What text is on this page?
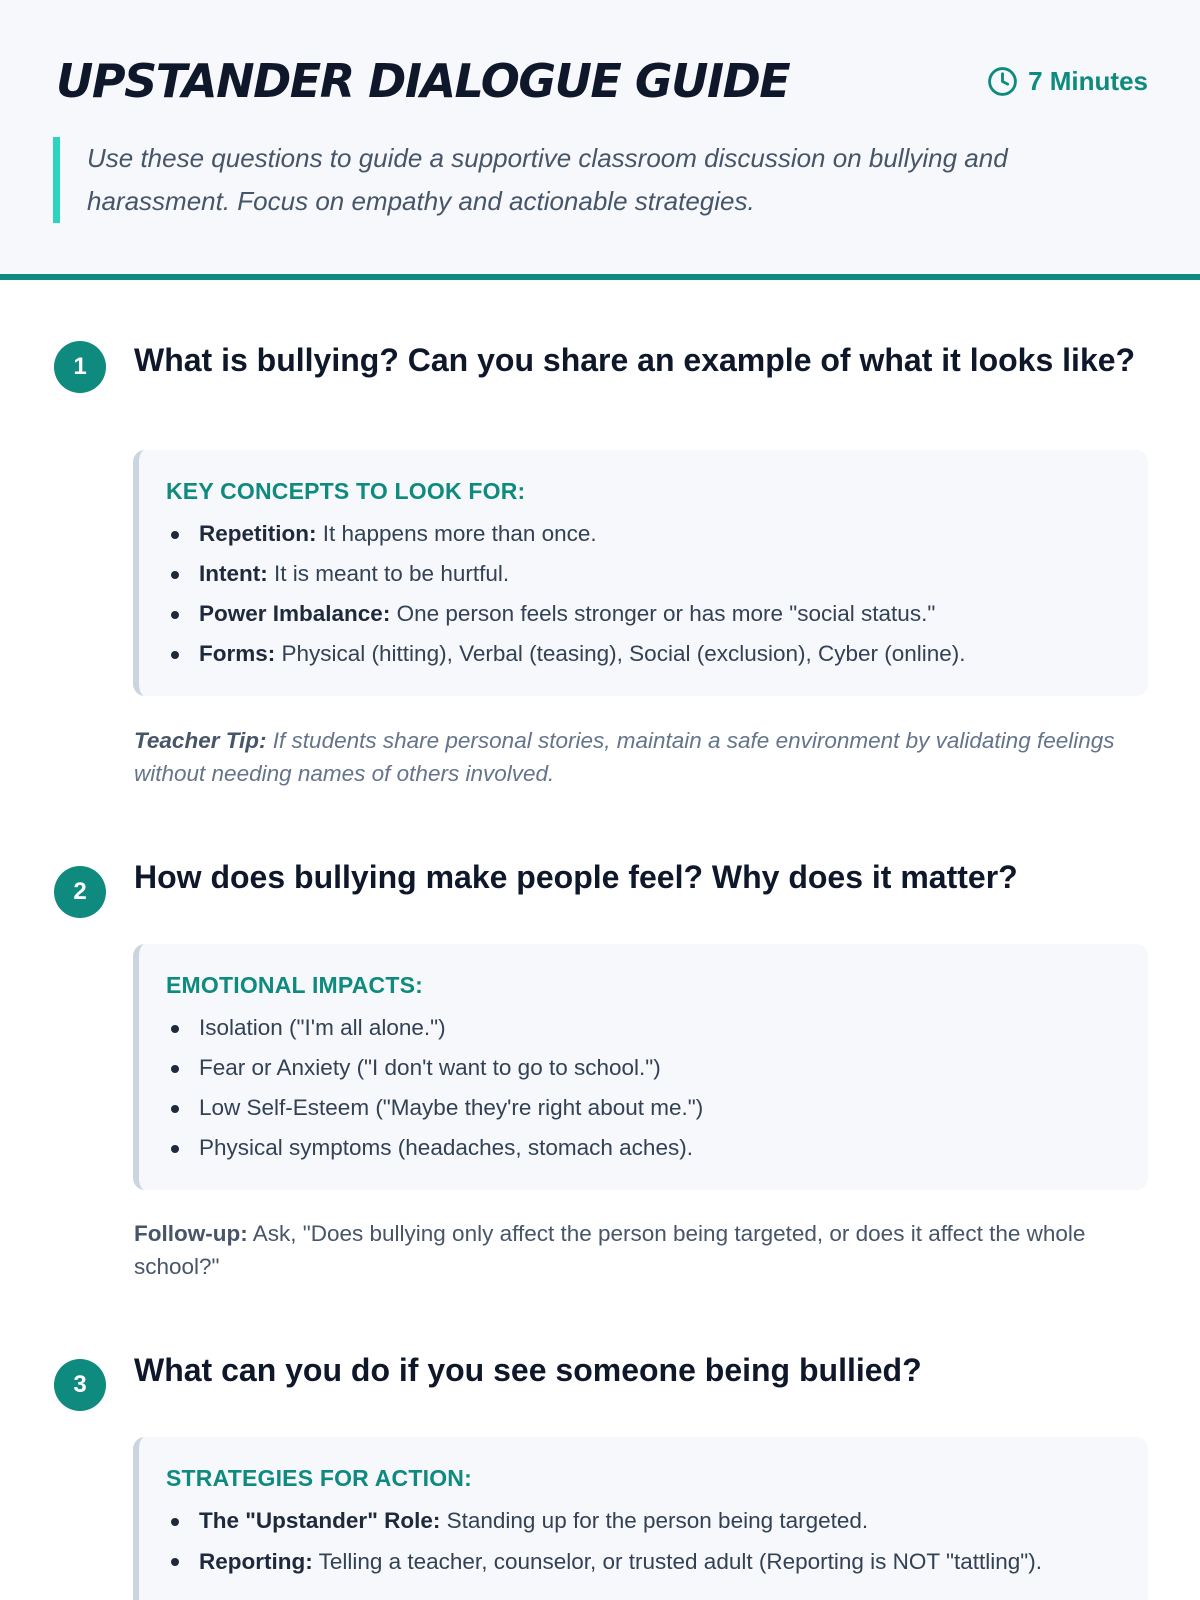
UPSTANDER DIALOGUE GUIDE	7 Minutes
Use these questions to guide a supportive classroom discussion on bullying and harassment. Focus on empathy and actionable strategies.
1	What is bullying? Can you share an example of what it looks like?
KEY CONCEPTS TO LOOK FOR:
Repetition: It happens more than once.
Intent: It is meant to be hurtful.
Power Imbalance: One person feels stronger or has more "social status."
Forms: Physical (hitting), Verbal (teasing), Social (exclusion), Cyber (online).

Teacher Tip: If students share personal stories, maintain a safe environment by validating feelings without needing names of others involved.

2	How does bullying make people feel? Why does it matter?
EMOTIONAL IMPACTS:
Isolation ("I'm all alone.")
Fear or Anxiety ("I don't want to go to school.")
Low Self-Esteem ("Maybe they're right about me.")
Physical symptoms (headaches, stomach aches).

Follow-up: Ask, "Does bullying only affect the person being targeted, or does it affect the whole school?"

3	What can you do if you see someone being bullied?
STRATEGIES FOR ACTION:
The "Upstander" Role: Standing up for the person being targeted.
Reporting: Telling a teacher, counselor, or trusted adult (Reporting is NOT "tattling").
